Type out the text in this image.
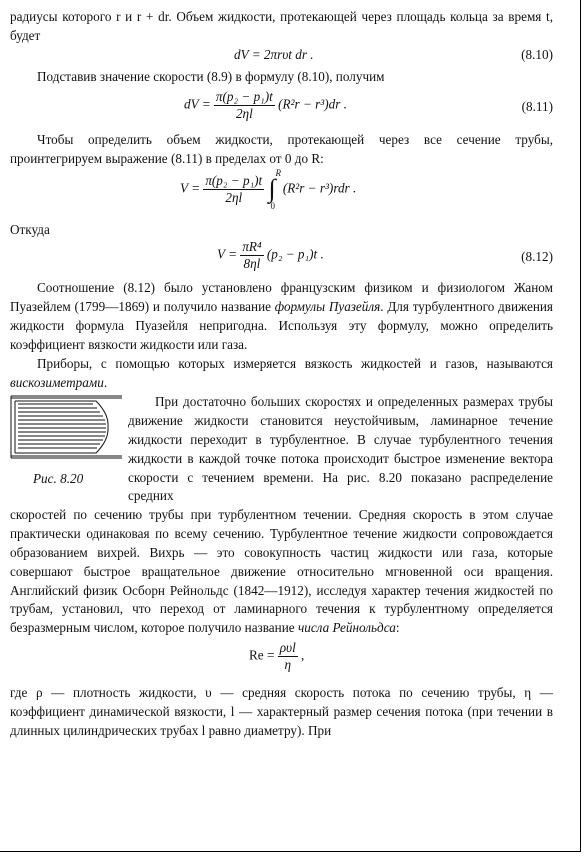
радиусы которого r и r + dr. Объем жидкости, протекающей через площадь кольца за время t, будет

dV = 2πrυt dr .	(8.10)

Подставив значение скорости (8.9) в формулу (8.10), получим

dV = $\frac{\text{π(p₂ − p₁)t}}{2\eta l} (R^2r - r^3)dr$ .	(8.11)

Чтобы определить объем жидкости, протекающей через все сечение трубы, проинтегрируем выражение (8.11) в пределах от 0 до R:

$V = \frac{\text{π(p₂ − p₁)t}}{2\eta l}$
∫
R
0
(R²r − r³)rdr .

Откуда

$V = \frac{\text{πR⁴}}{8\eta l} (p_2 - p_1)t$ .	(8.12)

Соотношение (8.12) было установлено французским физиком и физиологом Жаном Пуазейлем (1799—1869) и получило название формулы Пуазейля. Для турбулентного движения жидкости формула Пуазейля непригодна. Используя эту формулу, можно определить коэффициент вязкости жидкости или газа.

Приборы, с помощью которых измеряется вязкость жидкостей и газов, называются вискозиметрами.

Рис. 8.20

При достаточно больших скоростях и определенных размерах трубы движение жидкости становится неустойчивым, ламинарное течение жидкости переходит в турбулентное. В случае турбулентного течения жидкости в каждой точке потока происходит быстрое изменение вектора скорости с течением времени. На рис. 8.20 показано распределение средних

скоростей по сечению трубы при турбулентном течении. Средняя скорость в этом случае практически одинаковая по всему сечению. Турбулентное течение жидкости сопровождается образованием вихрей. Вихрь — это совокупность частиц жидкости или газа, которые совершают быстрое вращательное движение относительно мгновенной оси вращения. Английский физик Осборн Рейнольдс (1842—1912), исследуя характер течения жидкостей по трубам, установил, что переход от ламинарного течения к турбулентному определяется безразмерным числом, которое получило название числа Рейнольдса:

$Re = \frac{\text{ρυl}}{\eta}$ ,

где ρ — плотность жидкости, υ — средняя скорость потока по сечению трубы, η — коэффициент динамической вязкости, l — характерный размер сечения потока (при течении в длинных цилиндрических трубах l равно диаметру). При
